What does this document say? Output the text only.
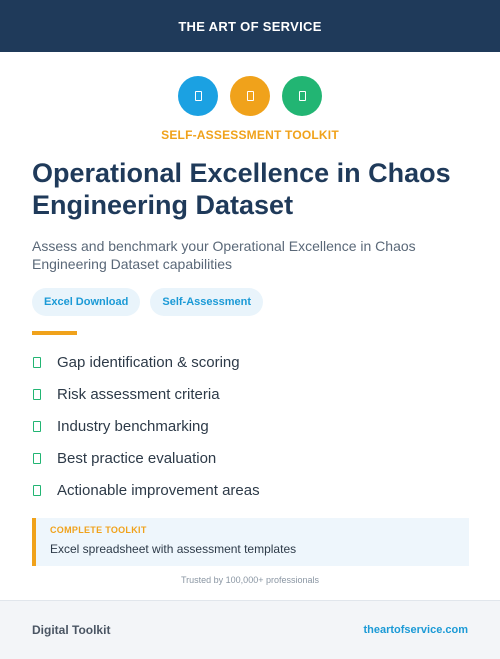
THE ART OF SERVICE
SELF-ASSESSMENT TOOLKIT
Operational Excellence in Chaos Engineering Dataset

Assess and benchmark your Operational Excellence in Chaos Engineering Dataset capabilities

Excel Download	Self-Assessment
Gap identification & scoring
Risk assessment criteria
Industry benchmarking
Best practice evaluation
Actionable improvement areas
COMPLETE TOOLKIT
Excel spreadsheet with assessment templates
Trusted by 100,000+ professionals
Digital Toolkit	theartofservice.com
